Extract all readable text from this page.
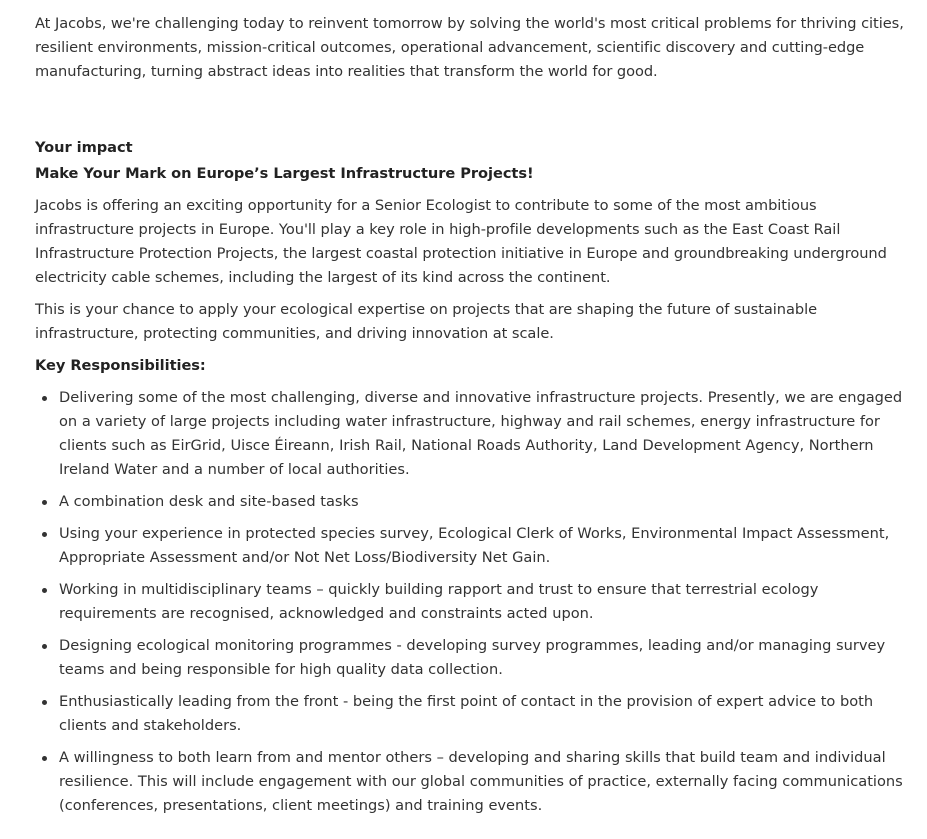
At Jacobs, we're challenging today to reinvent tomorrow by solving the world's most critical problems for thriving cities, resilient environments, mission-critical outcomes, operational advancement, scientific discovery and cutting-edge manufacturing, turning abstract ideas into realities that transform the world for good.

Your impact

Make Your Mark on Europe’s Largest Infrastructure Projects!

Jacobs is offering an exciting opportunity for a Senior Ecologist to contribute to some of the most ambitious infrastructure projects in Europe. You'll play a key role in high-profile developments such as the East Coast Rail Infrastructure Protection Projects, the largest coastal protection initiative in Europe and groundbreaking underground electricity cable schemes, including the largest of its kind across the continent.

This is your chance to apply your ecological expertise on projects that are shaping the future of sustainable infrastructure, protecting communities, and driving innovation at scale.

Key Responsibilities:

Delivering some of the most challenging, diverse and innovative infrastructure projects. Presently, we are engaged on a variety of large projects including water infrastructure, highway and rail schemes, energy infrastructure for clients such as EirGrid, Uisce Éireann, Irish Rail, National Roads Authority, Land Development Agency, Northern Ireland Water and a number of local authorities.
A combination desk and site-based tasks
Using your experience in protected species survey, Ecological Clerk of Works, Environmental Impact Assessment, Appropriate Assessment and/or Not Net Loss/Biodiversity Net Gain.
Working in multidisciplinary teams – quickly building rapport and trust to ensure that terrestrial ecology requirements are recognised, acknowledged and constraints acted upon.
Designing ecological monitoring programmes - developing survey programmes, leading and/or managing survey teams and being responsible for high quality data collection.
Enthusiastically leading from the front - being the first point of contact in the provision of expert advice to both clients and stakeholders.
A willingness to both learn from and mentor others – developing and sharing skills that build team and individual resilience. This will include engagement with our global communities of practice, externally facing communications (conferences, presentations, client meetings) and training events.
